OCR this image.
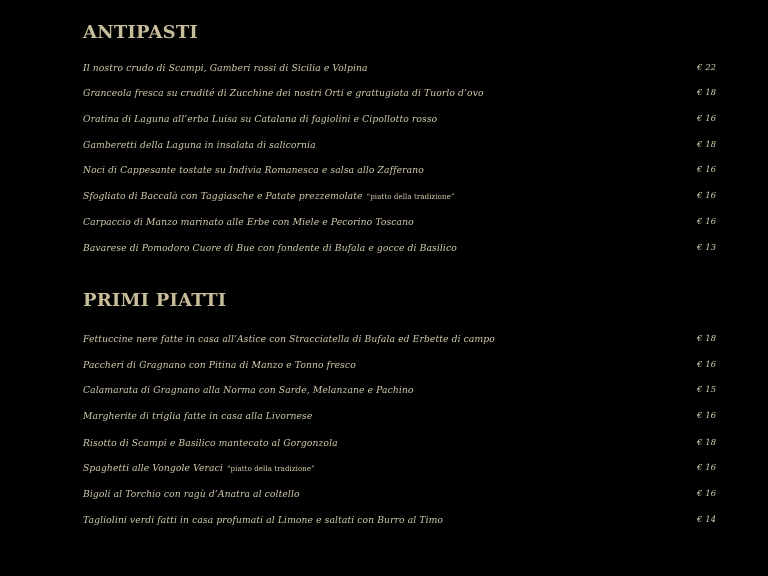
ANTIPASTI
Il nostro crudo di Scampi, Gamberi rossi di Sicilia e Volpina	€ 22
Granceola fresca su crudité di Zucchine dei nostri Orti e grattugiata di Tuorlo d’ovo	€ 18
Oratina di Laguna all’erba Luisa su Catalana di fagiolini e Cipollotto rosso	€ 16
Gamberetti della Laguna in insalata di salicornia	€ 18
Noci di Cappesante tostate su Indivia Romanesca e salsa allo Zafferano	€ 16
Sfogliato di Baccalà con Taggiasche e Patate prezzemolate “piatto della tradizione”	€ 16
Carpaccio di Manzo marinato alle Erbe con Miele e Pecorino Toscano	€ 16
Bavarese di Pomodoro Cuore di Bue con fondente di Bufala e gocce di Basilico	€ 13
PRIMI PIATTI
Fettuccine nere fatte in casa all’Astice con Stracciatella di Bufala ed Erbette di campo	€ 18
Paccheri di Gragnano con Pitina di Manzo e Tonno fresco	€ 16
Calamarata di Gragnano alla Norma con Sarde, Melanzane e Pachino	€ 15
Margherite di triglia fatte in casa alla Livornese	€ 16
Risotto di Scampi e Basilico mantecato al Gorgonzola	€ 18
Spaghetti alle Vongole Veraci “piatto della tradizione”	€ 16
Bigoli al Torchio con ragù d’Anatra al coltello	€ 16
Tagliolini verdi fatti in casa profumati al Limone e saltati con Burro al Timo	€ 14
